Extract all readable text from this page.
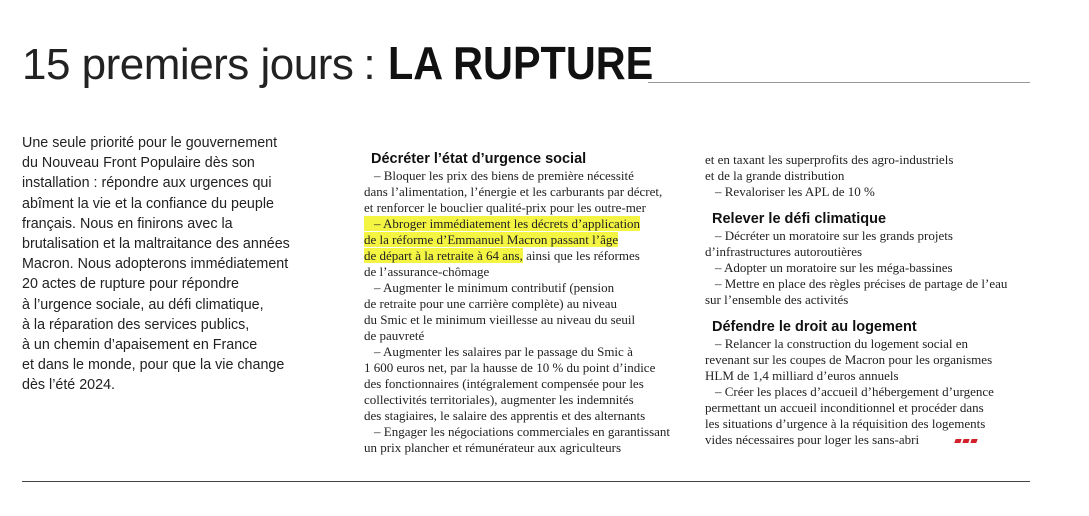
15 premiers jours : LA RUPTURE
Une seule priorité pour le gouvernement
du Nouveau Front Populaire dès son
installation : répondre aux urgences qui
abîment la vie et la confiance du peuple
français. Nous en finirons avec la
brutalisation et la maltraitance des années
Macron. Nous adopterons immédiatement
20 actes de rupture pour répondre
à l’urgence sociale, au défi climatique,
à la réparation des services publics,
à un chemin d’apaisement en France
et dans le monde, pour que la vie change
dès l’été 2024.
Décréter l’état d’urgence social
– Bloquer les prix des biens de première nécessité
dans l’alimentation, l’énergie et les carburants par décret,
et renforcer le bouclier qualité-prix pour les outre-mer
– Abroger immédiatement les décrets d’application
de la réforme d’Emmanuel Macron passant l’âge
de départ à la retraite à 64 ans, ainsi que les réformes
de l’assurance-chômage
– Augmenter le minimum contributif (pension
de retraite pour une carrière complète) au niveau
du Smic et le minimum vieillesse au niveau du seuil
de pauvreté
– Augmenter les salaires par le passage du Smic à
1 600 euros net, par la hausse de 10 % du point d’indice
des fonctionnaires (intégralement compensée pour les
collectivités territoriales), augmenter les indemnités
des stagiaires, le salaire des apprentis et des alternants
– Engager les négociations commerciales en garantissant
un prix plancher et rémunérateur aux agriculteurs
et en taxant les superprofits des agro-industriels
et de la grande distribution
– Revaloriser les APL de 10 %
Relever le défi climatique
– Décréter un moratoire sur les grands projets
d’infrastructures autoroutières
– Adopter un moratoire sur les méga-bassines
– Mettre en place des règles précises de partage de l’eau
sur l’ensemble des activités
Défendre le droit au logement
– Relancer la construction du logement social en
revenant sur les coupes de Macron pour les organismes
HLM de 1,4 milliard d’euros annuels
– Créer les places d’accueil d’hébergement d’urgence
permettant un accueil inconditionnel et procéder dans
les situations d’urgence à la réquisition des logements
vides nécessaires pour loger les sans-abri
